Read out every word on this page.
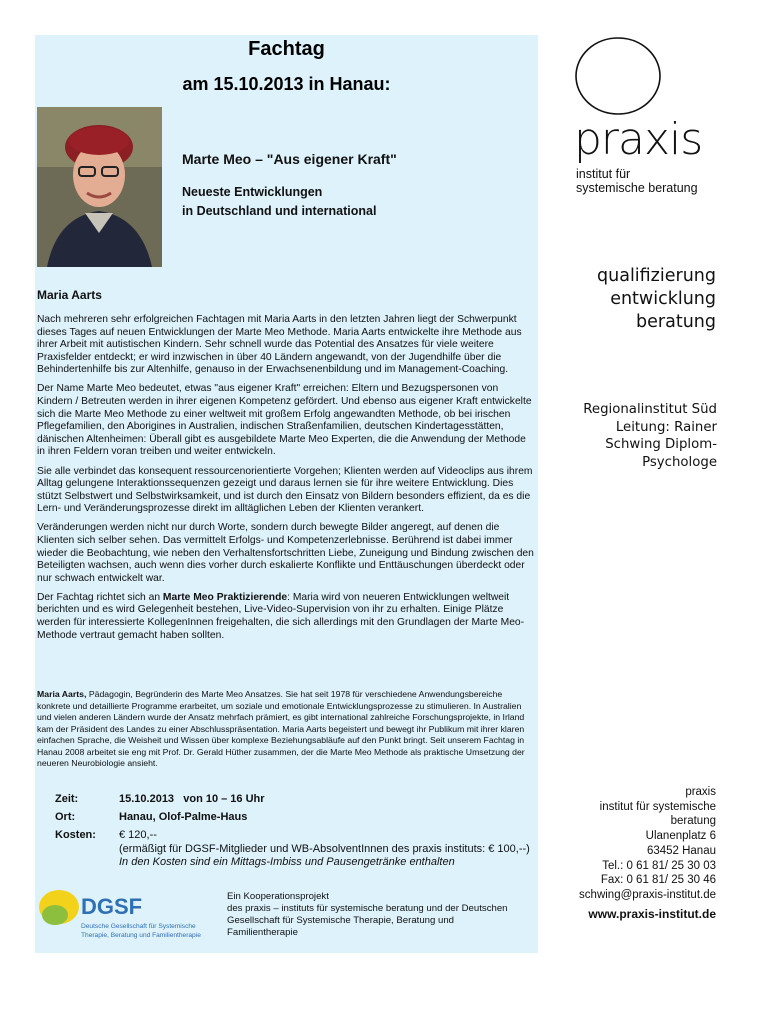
Fachtag
am 15.10.2013 in Hanau:
Marte Meo – "Aus eigener Kraft"
Neueste Entwicklungen
in Deutschland und international
Maria Aarts

Nach mehreren sehr erfolgreichen Fachtagen mit Maria Aarts in den letzten Jahren liegt der Schwerpunkt dieses Tages auf neuen Entwicklungen der Marte Meo Methode. Maria Aarts entwickelte ihre Methode aus ihrer Arbeit mit autistischen Kindern. Sehr schnell wurde das Potential des Ansatzes für viele weitere Praxisfelder entdeckt; er wird inzwischen in über 40 Ländern angewandt, von der Jugendhilfe über die Behindertenhilfe bis zur Altenhilfe, genauso in der Erwachsenenbildung und im Management-Coaching.

Der Name Marte Meo bedeutet, etwas "aus eigener Kraft" erreichen: Eltern und Bezugspersonen von Kindern / Betreuten werden in ihrer eigenen Kompetenz gefördert. Und ebenso aus eigener Kraft entwickelte sich die Marte Meo Methode zu einer weltweit mit großem Erfolg angewandten Methode, ob bei irischen Pflegefamilien, den Aborigines in Australien, indischen Straßenfamilien, deutschen Kindertagesstätten, dänischen Altenheimen: Überall gibt es ausgebildete Marte Meo Experten, die die Anwendung der Methode in ihren Feldern voran treiben und weiter entwickeln.

Sie alle verbindet das konsequent ressourcenorientierte Vorgehen; Klienten werden auf Videoclips aus ihrem Alltag gelungene Interaktionssequenzen gezeigt und daraus lernen sie für ihre weitere Entwicklung. Dies stützt Selbstwert und Selbstwirksamkeit, und ist durch den Einsatz von Bildern besonders effizient, da es die Lern- und Veränderungsprozesse direkt im alltäglichen Leben der Klienten verankert.

Veränderungen werden nicht nur durch Worte, sondern durch bewegte Bilder angeregt, auf denen die Klienten sich selber sehen. Das vermittelt Erfolgs- und Kompetenzerlebnisse. Berührend ist dabei immer wieder die Beobachtung, wie neben den Verhaltensfortschritten Liebe, Zuneigung und Bindung zwischen den Beteiligten wachsen, auch wenn dies vorher durch eskalierte Konflikte und Enttäuschungen überdeckt oder nur schwach entwickelt war.

Der Fachtag richtet sich an Marte Meo Praktizierende: Maria wird von neueren Entwicklungen weltweit berichten und es wird Gelegenheit bestehen, Live-Video-Supervision von ihr zu erhalten. Einige Plätze werden für interessierte KollegenInnen freigehalten, die sich allerdings mit den Grundlagen der Marte Meo-Methode vertraut gemacht haben sollten.

Maria Aarts, Pädagogin, Begründerin des Marte Meo Ansatzes. Sie hat seit 1978 für verschiedene Anwendungsbereiche konkrete und detaillierte Programme erarbeitet, um soziale und emotionale Entwicklungsprozesse zu stimulieren. In Australien und vielen anderen Ländern wurde der Ansatz mehrfach prämiert, es gibt international zahlreiche Forschungsprojekte, in Irland kam der Präsident des Landes zu einer Abschlusspräsentation. Maria Aarts begeistert und bewegt ihr Publikum mit ihrer klaren einfachen Sprache, die Weisheit und Wissen über komplexe Beziehungsabläufe auf den Punkt bringt. Seit unserem Fachtag in Hanau 2008 arbeitet sie eng mit Prof. Dr. Gerald Hüther zusammen, der die Marte Meo Methode als praktische Umsetzung der neueren Neurobiologie ansieht.
Zeit:	15.10.2013 von 10 – 16 Uhr
Ort:	Hanau, Olof-Palme-Haus
Kosten: € 120,--
(ermäßigt für DGSF-Mitglieder und WB-AbsolventInnen des praxis instituts: € 100,--) In den Kosten sind ein Mittags-Imbiss und Pausengetränke enthalten
DGSF
Deutsche Gesellschaft für Systemische
Therapie, Beratung und Familientherapie
Ein Kooperationsprojekt
des praxis – instituts für systemische beratung und der Deutschen Gesellschaft für Systemische Therapie, Beratung und Familientherapie
praxis
institut für
systemische beratung
qualifizierung
entwicklung
beratung
Regionalinstitut Süd
Leitung: Rainer
Schwing Diplom-
Psychologe
praxis
institut für systemische
beratung
Ulanenplatz 6
63452 Hanau
Tel.: 0 61 81/ 25 30 03
Fax: 0 61 81/ 25 30 46
schwing@praxis-institut.de
www.praxis-institut.de
